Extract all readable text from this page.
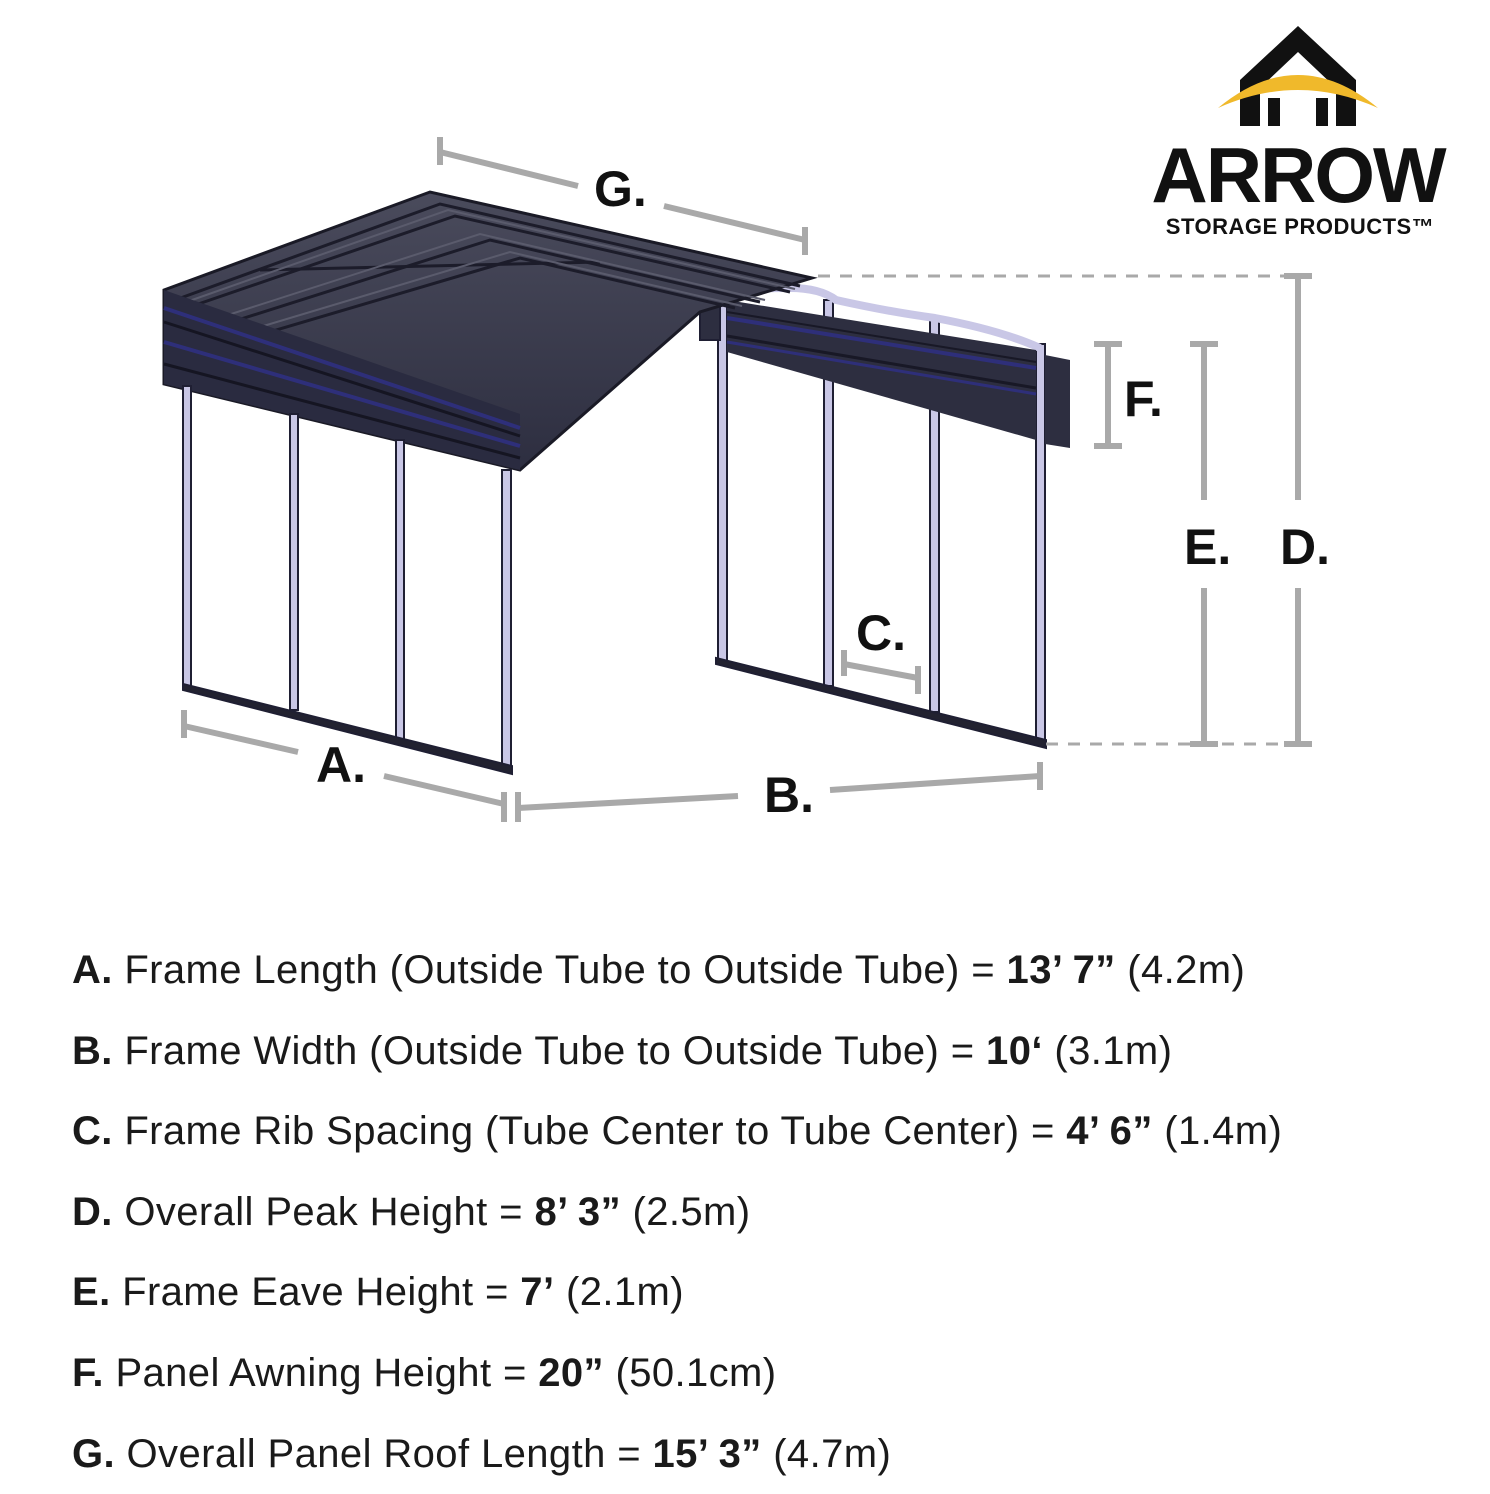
ARROW
STORAGE PRODUCTS™
G.
A.
B.
C.
F.
E. D.
A. Frame Length (Outside Tube to Outside Tube) = 13’ 7” (4.2m)
B. Frame Width (Outside Tube to Outside Tube) = 10‘ (3.1m)
C. Frame Rib Spacing (Tube Center to Tube Center) = 4’ 6” (1.4m)
D. Overall Peak Height = 8’ 3” (2.5m)
E. Frame Eave Height = 7’ (2.1m)
F. Panel Awning Height = 20” (50.1cm)
G. Overall Panel Roof Length = 15’ 3” (4.7m)
